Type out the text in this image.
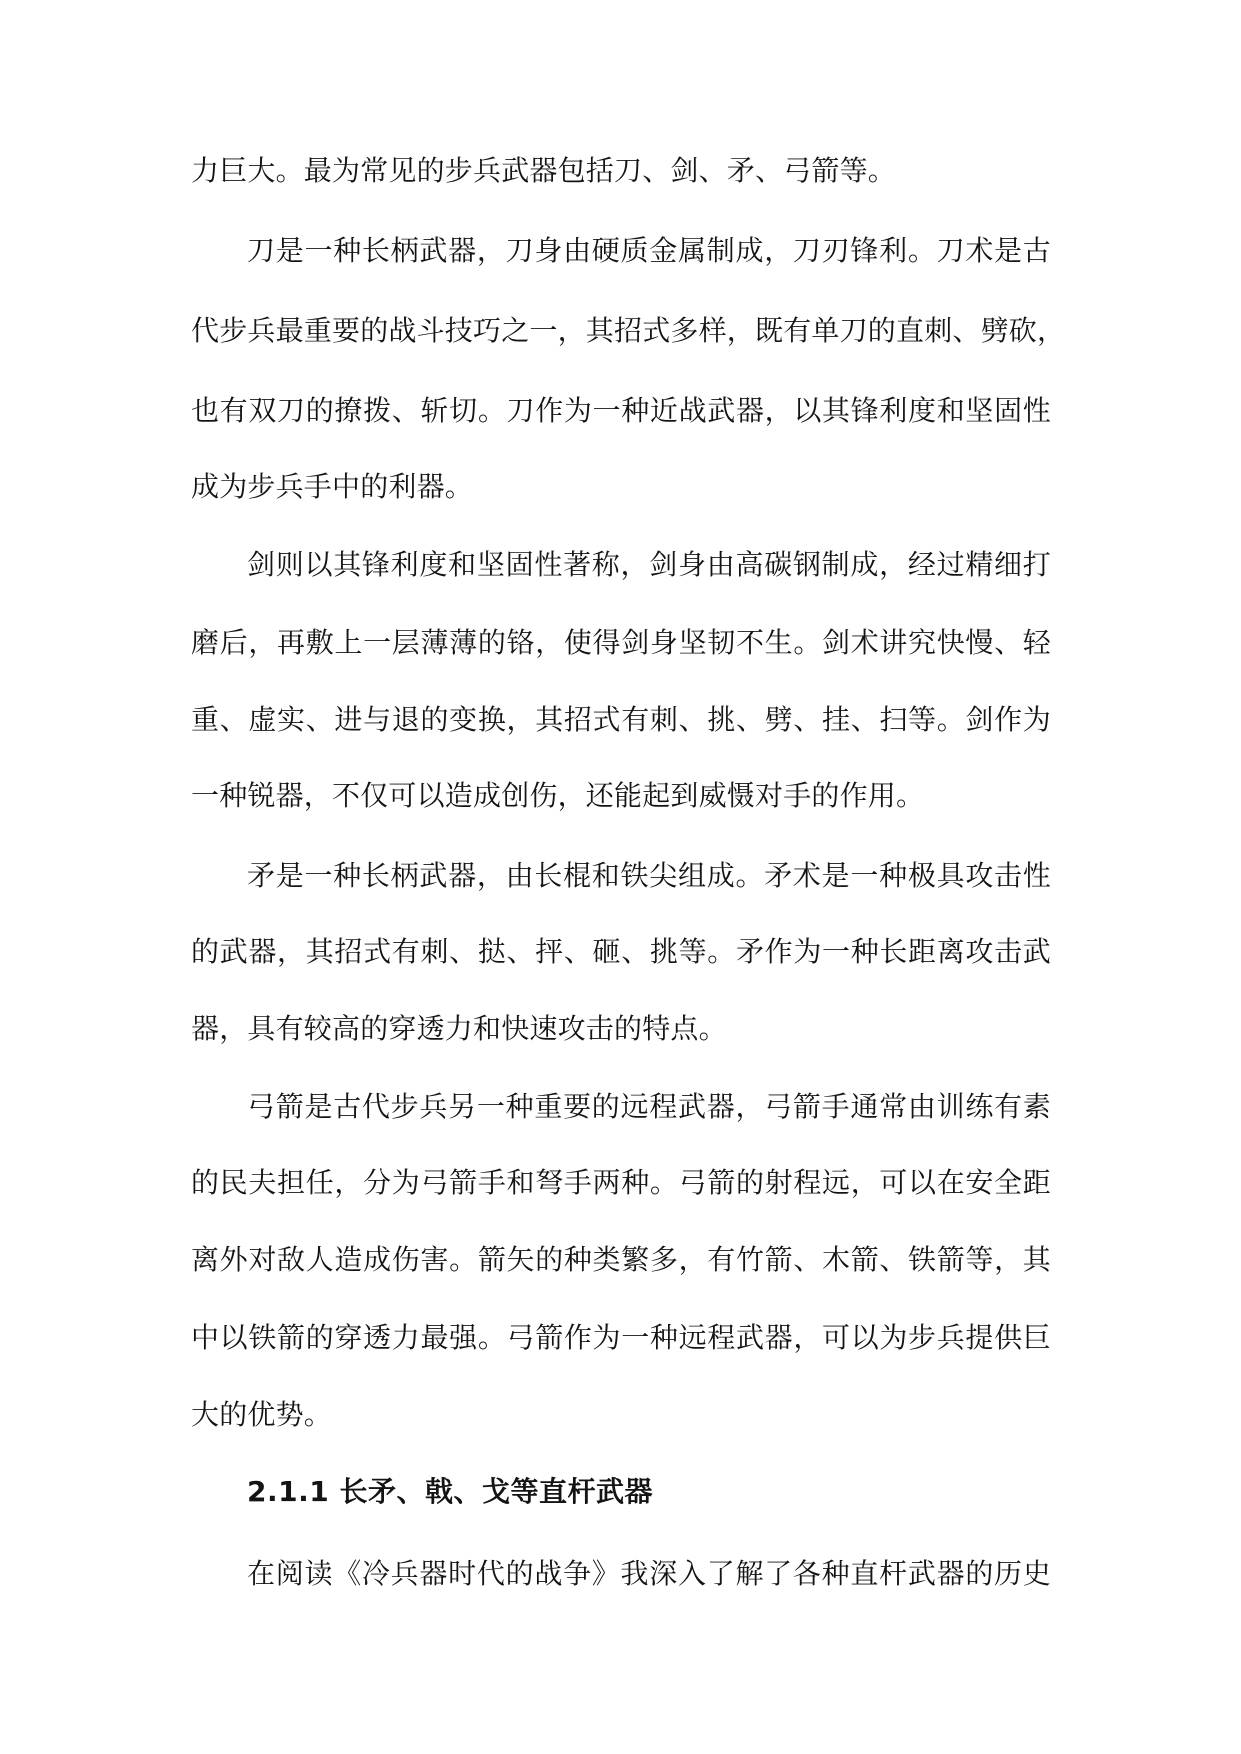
力巨大。最为常见的步兵武器包括刀、剑、矛、弓箭等。
刀是一种长柄武器，刀身由硬质金属制成，刀刃锋利。刀术是古
代步兵最重要的战斗技巧之一，其招式多样，既有单刀的直刺、劈砍，
也有双刀的撩拨、斩切。刀作为一种近战武器，以其锋利度和坚固性
成为步兵手中的利器。
剑则以其锋利度和坚固性著称，剑身由高碳钢制成，经过精细打
磨后，再敷上一层薄薄的铬，使得剑身坚韧不生。剑术讲究快慢、轻
重、虚实、进与退的变换，其招式有刺、挑、劈、挂、扫等。剑作为
一种锐器，不仅可以造成创伤，还能起到威慑对手的作用。
矛是一种长柄武器，由长棍和铁尖组成。矛术是一种极具攻击性
的武器，其招式有刺、挞、抨、砸、挑等。矛作为一种长距离攻击武
器，具有较高的穿透力和快速攻击的特点。
弓箭是古代步兵另一种重要的远程武器，弓箭手通常由训练有素
的民夫担任，分为弓箭手和弩手两种。弓箭的射程远，可以在安全距
离外对敌人造成伤害。箭矢的种类繁多，有竹箭、木箭、铁箭等，其
中以铁箭的穿透力最强。弓箭作为一种远程武器，可以为步兵提供巨
大的优势。
2.1.1 长矛、戟、戈等直杆武器
在阅读《冷兵器时代的战争》我深入了解了各种直杆武器的历史
